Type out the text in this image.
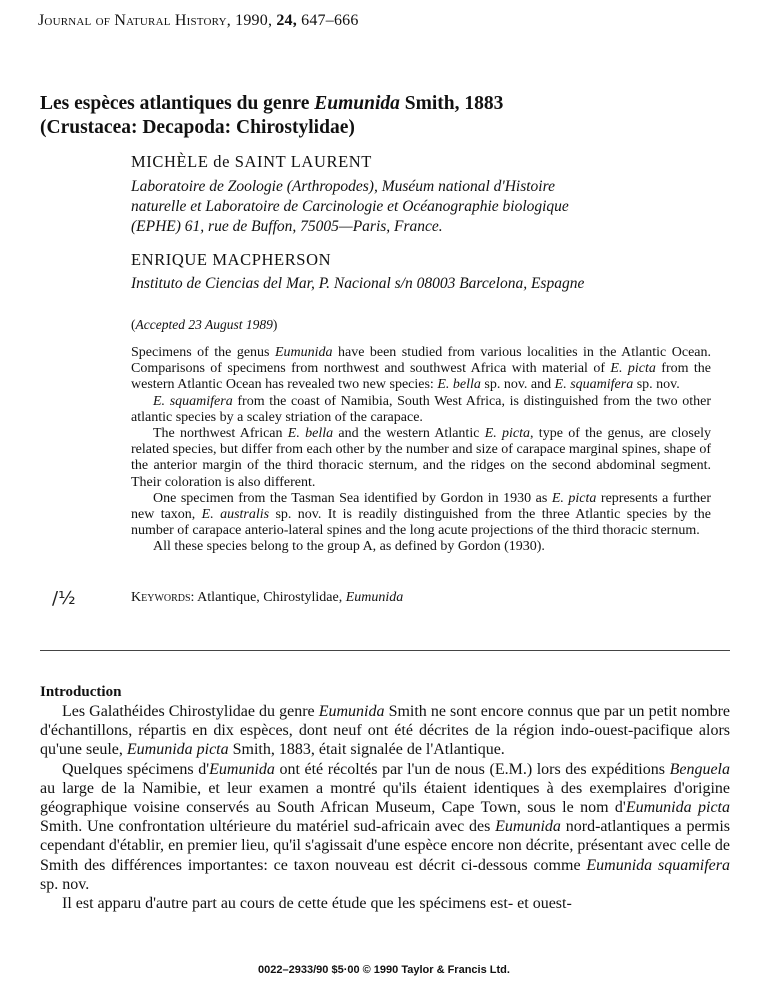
Journal of Natural History, 1990, 24, 647–666
Les espèces atlantiques du genre Eumunida Smith, 1883
(Crustacea: Decapoda: Chirostylidae)
MICHÈLE de SAINT LAURENT
Laboratoire de Zoologie (Arthropodes), Muséum national d'Histoire
naturelle et Laboratoire de Carcinologie et Océanographie biologique
(EPHE) 61, rue de Buffon, 75005—Paris, France.
ENRIQUE MACPHERSON
Instituto de Ciencias del Mar, P. Nacional s/n 08003 Barcelona, Espagne
(Accepted 23 August 1989)

Specimens of the genus Eumunida have been studied from various localities in the Atlantic Ocean. Comparisons of specimens from northwest and southwest Africa with material of E. picta from the western Atlantic Ocean has revealed two new species: E. bella sp. nov. and E. squamifera sp. nov.

E. squamifera from the coast of Namibia, South West Africa, is distinguished from the two other atlantic species by a scaley striation of the carapace.

The northwest African E. bella and the western Atlantic E. picta, type of the genus, are closely related species, but differ from each other by the number and size of carapace marginal spines, shape of the anterior margin of the third thoracic sternum, and the ridges on the second abdominal segment. Their coloration is also different.

One specimen from the Tasman Sea identified by Gordon in 1930 as E. picta represents a further new taxon, E. australis sp. nov. It is readily distinguished from the three Atlantic species by the number of carapace anterio-lateral spines and the long acute projections of the third thoracic sternum.

All these species belong to the group A, as defined by Gordon (1930).

/½	Keywords: Atlantique, Chirostylidae, Eumunida
Introduction

Les Galathéides Chirostylidae du genre Eumunida Smith ne sont encore connus que par un petit nombre d'échantillons, répartis en dix espèces, dont neuf ont été décrites de la région indo-ouest-pacifique alors qu'une seule, Eumunida picta Smith, 1883, était signalée de l'Atlantique.

Quelques spécimens d'Eumunida ont été récoltés par l'un de nous (E.M.) lors des expéditions Benguela au large de la Namibie, et leur examen a montré qu'ils étaient identiques à des exemplaires d'origine géographique voisine conservés au South African Museum, Cape Town, sous le nom d'Eumunida picta Smith. Une confrontation ultérieure du matériel sud-africain avec des Eumunida nord-atlantiques a permis cependant d'établir, en premier lieu, qu'il s'agissait d'une espèce encore non décrite, présentant avec celle de Smith des différences importantes: ce taxon nouveau est décrit ci-dessous comme Eumunida squamifera sp. nov.

Il est apparu d'autre part au cours de cette étude que les spécimens est- et ouest-

0022–2933/90 $5·00 © 1990 Taylor & Francis Ltd.
